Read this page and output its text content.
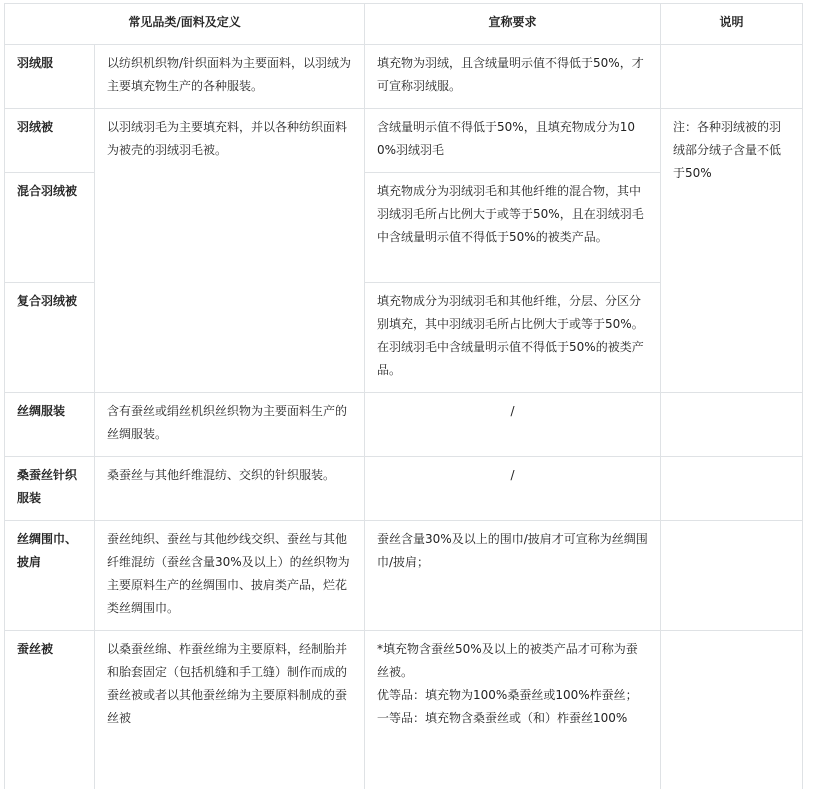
常见品类/面料及定义		宣称要求	说明
羽绒服	以纺织机织物/针织面料为主要面料，以羽绒为主要填充物生产的各种服装。	填充物为羽绒，且含绒量明示值不得低于50%，才可宣称羽绒服。	
羽绒被	以羽绒羽毛为主要填充料，并以各种纺织面料为被壳的羽绒羽毛被。	含绒量明示值不得低于50%，且填充物成分为100%羽绒羽毛	注：各种羽绒被的羽绒部分绒子含量不低于50%
混合羽绒被		填充物成分为羽绒羽毛和其他纤维的混合物，其中羽绒羽毛所占比例大于或等于50%，且在羽绒羽毛中含绒量明示值不得低于50%的被类产品。	
复合羽绒被		填充物成分为羽绒羽毛和其他纤维，分层、分区分别填充，其中羽绒羽毛所占比例大于或等于50%。在羽绒羽毛中含绒量明示值不得低于50%的被类产品。	
丝绸服装	含有蚕丝或绢丝机织丝织物为主要面料生产的丝绸服装。	/	
桑蚕丝针织服装	桑蚕丝与其他纤维混纺、交织的针织服装。	/	
丝绸围巾、披肩	蚕丝纯织、蚕丝与其他纱线交织、蚕丝与其他纤维混纺（蚕丝含量30%及以上）的丝织物为主要原料生产的丝绸围巾、披肩类产品，烂花类丝绸围巾。	蚕丝含量30%及以上的围巾/披肩才可宣称为丝绸围巾/披肩；	
蚕丝被	以桑蚕丝绵、柞蚕丝绵为主要原料，经制胎并和胎套固定（包括机缝和手工缝）制作而成的蚕丝被或者以其他蚕丝绵为主要原料制成的蚕丝被	*填充物含蚕丝50%及以上的被类产品才可称为蚕丝被。
优等品：填充物为100%桑蚕丝或100%柞蚕丝；
一等品：填充物含桑蚕丝或（和）柞蚕丝100%	
